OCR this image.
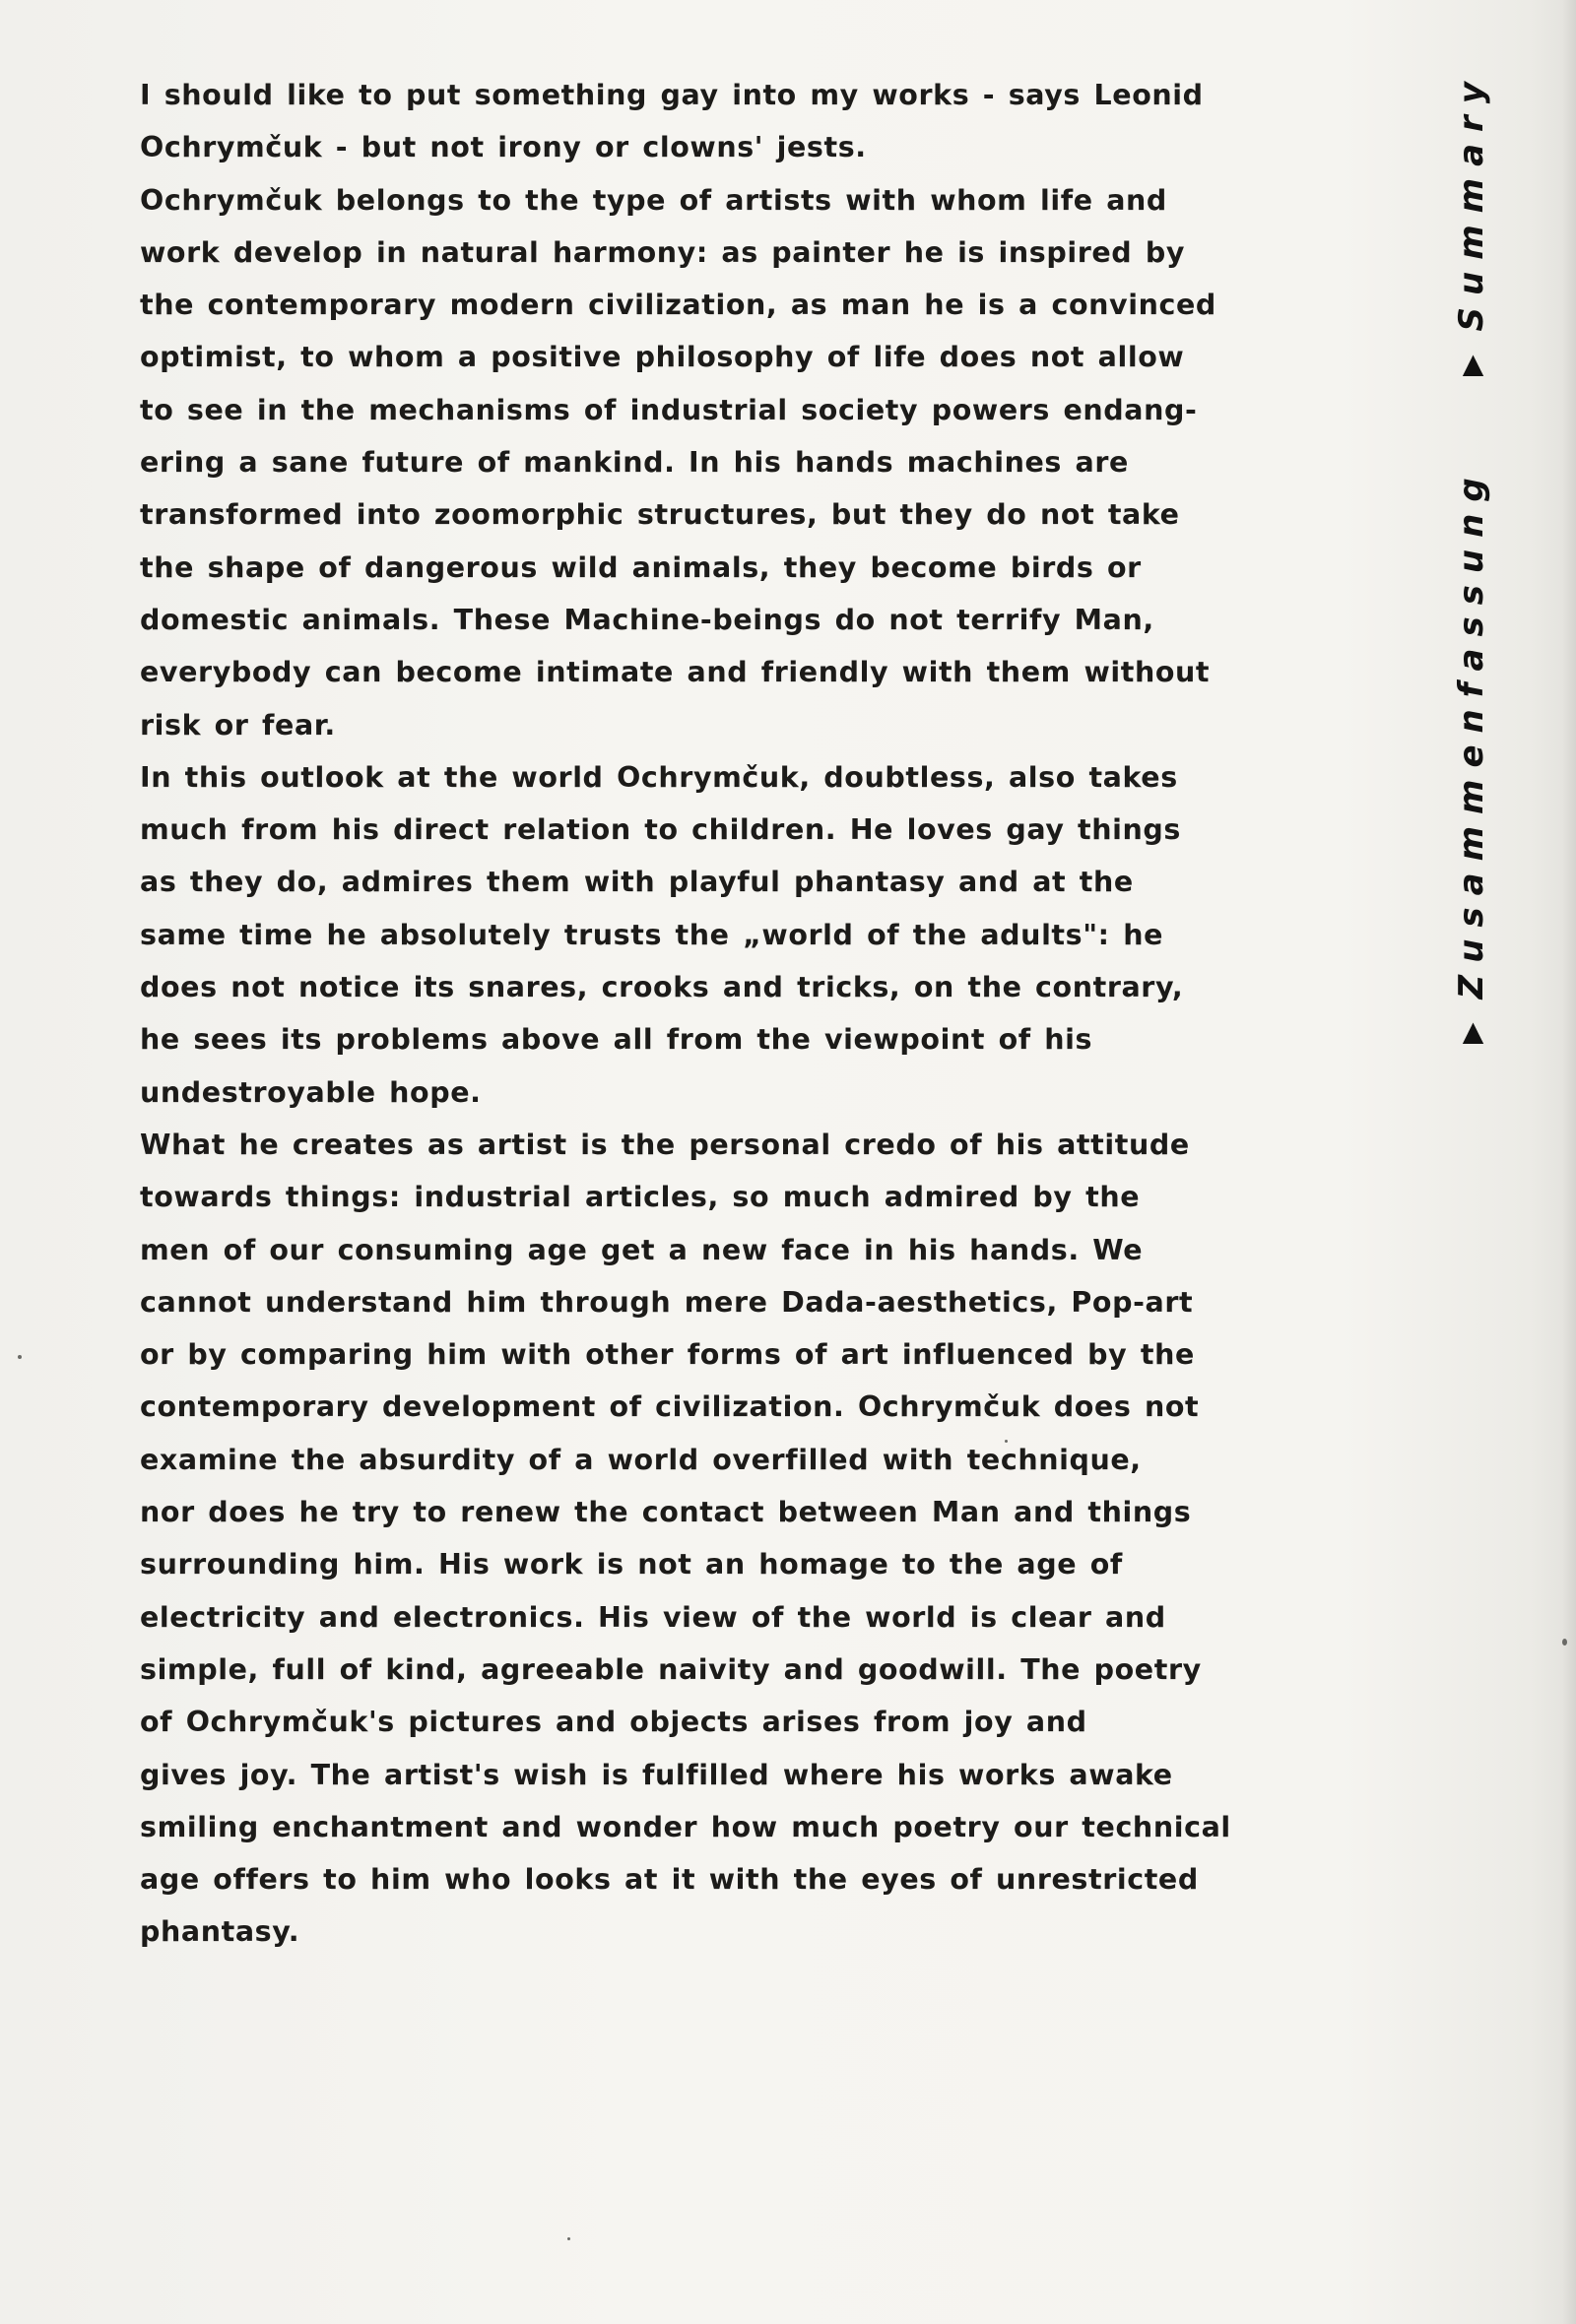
I should like to put something gay into my works - says Leonid
Ochrymčuk - but not irony or clowns' jests.
Ochrymčuk belongs to the type of artists with whom life and
work develop in natural harmony: as painter he is inspired by
the contemporary modern civilization, as man he is a convinced
optimist, to whom a positive philosophy of life does not allow
to see in the mechanisms of industrial society powers endang-
ering a sane future of mankind. In his hands machines are
transformed into zoomorphic structures, but they do not take
the shape of dangerous wild animals, they become birds or
domestic animals. These Machine-beings do not terrify Man,
everybody can become intimate and friendly with them without
risk or fear.
In this outlook at the world Ochrymčuk, doubtless, also takes
much from his direct relation to children. He loves gay things
as they do, admires them with playful phantasy and at the
same time he absolutely trusts the „world of the adults": he
does not notice its snares, crooks and tricks, on the contrary,
he sees its problems above all from the viewpoint of his
undestroyable hope.
What he creates as artist is the personal credo of his attitude
towards things: industrial articles, so much admired by the
men of our consuming age get a new face in his hands. We
cannot understand him through mere Dada-aesthetics, Pop-art
or by comparing him with other forms of art influenced by the
contemporary development of civilization. Ochrymčuk does not
examine the absurdity of a world overfilled with technique,
nor does he try to renew the contact between Man and things
surrounding him. His work is not an homage to the age of
electricity and electronics. His view of the world is clear and
simple, full of kind, agreeable naivity and goodwill. The poetry
of Ochrymčuk's pictures and objects arises from joy and
gives joy. The artist's wish is fulfilled where his works awake
smiling enchantment and wonder how much poetry our technical
age offers to him who looks at it with the eyes of unrestricted
phantasy.
▲Summary
▲Zusammenfassung
